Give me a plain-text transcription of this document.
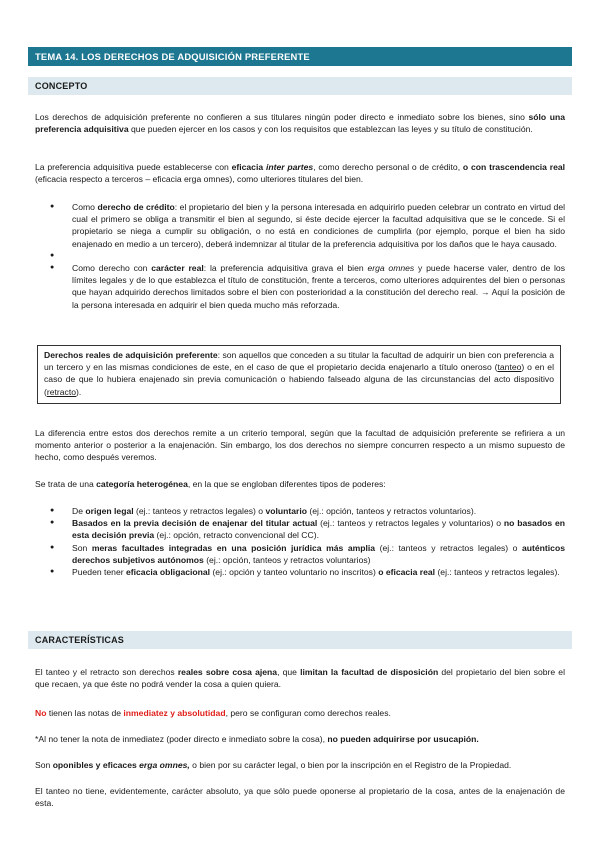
TEMA 14. LOS DERECHOS DE ADQUISICIÓN PREFERENTE
CONCEPTO

Los derechos de adquisición preferente no confieren a sus titulares ningún poder directo e inmediato sobre los bienes, sino sólo una preferencia adquisitiva que pueden ejercer en los casos y con los requisitos que establezcan las leyes y su título de constitución.

La preferencia adquisitiva puede establecerse con eficacia inter partes, como derecho personal o de crédito, o con trascendencia real (eficacia respecto a terceros – eficacia erga omnes), como ulteriores titulares del bien.

● Como derecho de crédito: el propietario del bien y la persona interesada en adquirirlo pueden celebrar un contrato en virtud del cual el primero se obliga a transmitir el bien al segundo, si éste decide ejercer la facultad adquisitiva que se le concede. Si el propietario se niega a cumplir su obligación, o no está en condiciones de cumplirla (por ejemplo, porque el bien ha sido enajenado en medio a un tercero), deberá indemnizar al titular de la preferencia adquisitiva por los daños que le haya causado.
●
● Como derecho con carácter real: la preferencia adquisitiva grava el bien erga omnes y puede hacerse valer, dentro de los límites legales y de lo que establezca el título de constitución, frente a terceros, como ulteriores adquirentes del bien o personas que hayan adquirido derechos limitados sobre el bien con posterioridad a la constitución del derecho real. → Aquí la posición de la persona interesada en adquirir el bien queda mucho más reforzada.
Derechos reales de adquisición preferente: son aquellos que conceden a su titular la facultad de adquirir un bien con preferencia a un tercero y en las mismas condiciones de este, en el caso de que el propietario decida enajenarlo a título oneroso (tanteo) o en el caso de que lo hubiera enajenado sin previa comunicación o habiendo falseado alguna de las circunstancias del acto dispositivo (retracto).

La diferencia entre estos dos derechos remite a un criterio temporal, según que la facultad de adquisición preferente se refiriera a un momento anterior o posterior a la enajenación. Sin embargo, los dos derechos no siempre concurren respecto a un mismo supuesto de hecho, como después veremos.

Se trata de una categoría heterogénea, en la que se engloban diferentes tipos de poderes:

● De origen legal (ej.: tanteos y retractos legales) o voluntario (ej.: opción, tanteos y retractos voluntarios).
● Basados en la previa decisión de enajenar del titular actual (ej.: tanteos y retractos legales y voluntarios) o no basados en esta decisión previa (ej.: opción, retracto convencional del CC).
● Son meras facultades integradas en una posición jurídica más amplia (ej.: tanteos y retractos legales) o auténticos derechos subjetivos autónomos (ej.: opción, tanteos y retractos voluntarios)
● Pueden tener eficacia obligacional (ej.: opción y tanteo voluntario no inscritos) o eficacia real (ej.: tanteos y retractos legales).
CARACTERÍSTICAS

El tanteo y el retracto son derechos reales sobre cosa ajena, que limitan la facultad de disposición del propietario del bien sobre el que recaen, ya que éste no podrá vender la cosa a quien quiera.

No tienen las notas de inmediatez y absolutidad, pero se configuran como derechos reales.

*Al no tener la nota de inmediatez (poder directo e inmediato sobre la cosa), no pueden adquirirse por usucapión.

Son oponibles y eficaces erga omnes, o bien por su carácter legal, o bien por la inscripción en el Registro de la Propiedad.

El tanteo no tiene, evidentemente, carácter absoluto, ya que sólo puede oponerse al propietario de la cosa, antes de la enajenación de esta.
